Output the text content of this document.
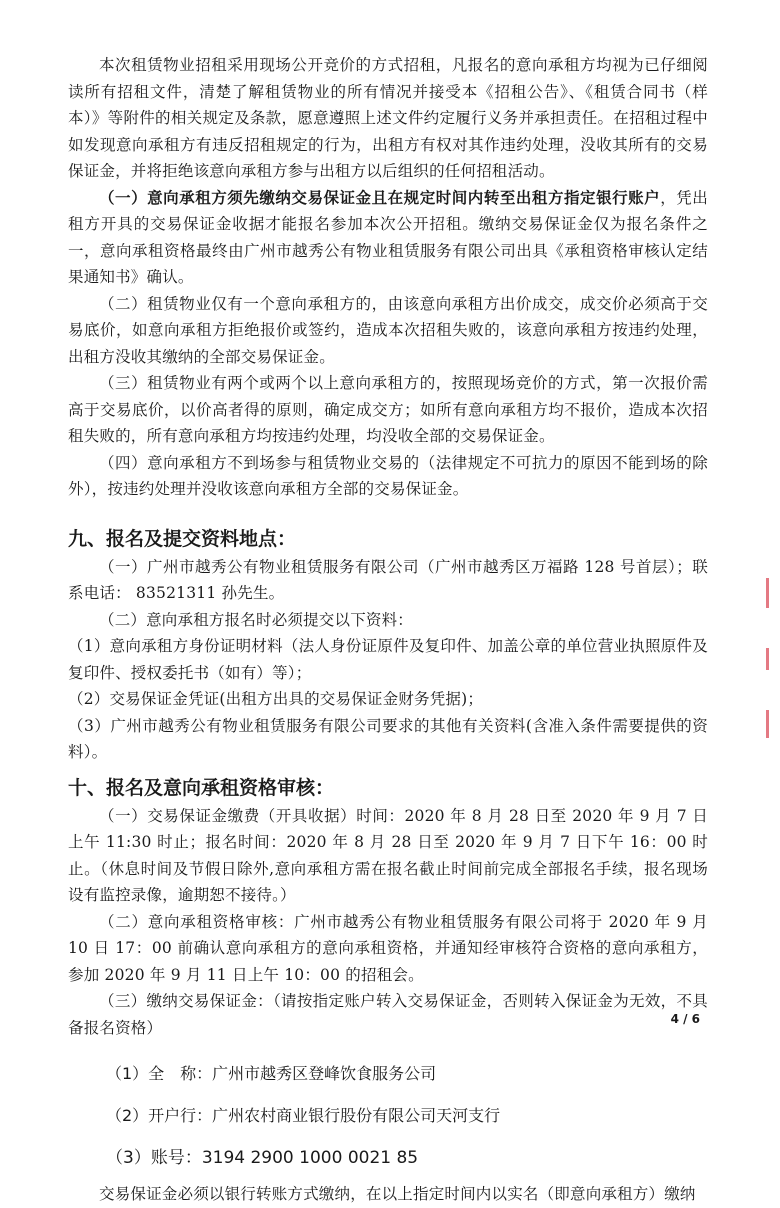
本次租赁物业招租采用现场公开竞价的方式招租，凡报名的意向承租方均视为已仔细阅读所有招租文件，清楚了解租赁物业的所有情况并接受本《招租公告》、《租赁合同书（样本）》等附件的相关规定及条款，愿意遵照上述文件约定履行义务并承担责任。在招租过程中如发现意向承租方有违反招租规定的行为，出租方有权对其作违约处理，没收其所有的交易保证金，并将拒绝该意向承租方参与出租方以后组织的任何招租活动。

（一）意向承租方须先缴纳交易保证金且在规定时间内转至出租方指定银行账户，凭出租方开具的交易保证金收据才能报名参加本次公开招租。缴纳交易保证金仅为报名条件之一，意向承租资格最终由广州市越秀公有物业租赁服务有限公司出具《承租资格审核认定结果通知书》确认。

（二）租赁物业仅有一个意向承租方的，由该意向承租方出价成交，成交价必须高于交易底价，如意向承租方拒绝报价或签约，造成本次招租失败的，该意向承租方按违约处理，出租方没收其缴纳的全部交易保证金。

（三）租赁物业有两个或两个以上意向承租方的，按照现场竞价的方式，第一次报价需高于交易底价，以价高者得的原则，确定成交方；如所有意向承租方均不报价，造成本次招租失败的，所有意向承租方均按违约处理，均没收全部的交易保证金。

（四）意向承租方不到场参与租赁物业交易的（法律规定不可抗力的原因不能到场的除外），按违约处理并没收该意向承租方全部的交易保证金。

九、报名及提交资料地点：

（一）广州市越秀公有物业租赁服务有限公司（广州市越秀区万福路 128 号首层）；联系电话： 83521311 孙先生。

（二）意向承租方报名时必须提交以下资料：

（1）意向承租方身份证明材料（法人身份证原件及复印件、加盖公章的单位营业执照原件及复印件、授权委托书（如有）等）；

（2）交易保证金凭证(出租方出具的交易保证金财务凭据)；

（3）广州市越秀公有物业租赁服务有限公司要求的其他有关资料(含准入条件需要提供的资料）。

十、报名及意向承租资格审核：

（一）交易保证金缴费（开具收据）时间：2020 年 8 月 28 日至 2020 年 9 月 7 日上午 11:30 时止；报名时间：2020 年 8 月 28 日至 2020 年 9 月 7 日下午 16：00 时止。（休息时间及节假日除外,意向承租方需在报名截止时间前完成全部报名手续，报名现场设有监控录像，逾期恕不接待。）

（二）意向承租资格审核：广州市越秀公有物业租赁服务有限公司将于 2020 年 9 月 10 日 17：00 前确认意向承租方的意向承租资格，并通知经审核符合资格的意向承租方，参加 2020 年 9 月 11 日上午 10：00 的招租会。

（三）缴纳交易保证金：（请按指定账户转入交易保证金，否则转入保证金为无效，不具备报名资格）

（1）全　称：广州市越秀区登峰饮食服务公司
（2）开户行：广州农村商业银行股份有限公司天河支行
（3）账号：3194 2900 1000 0021 85

交易保证金必须以银行转账方式缴纳，在以上指定时间内以实名（即意向承租方）缴纳

4 / 6
